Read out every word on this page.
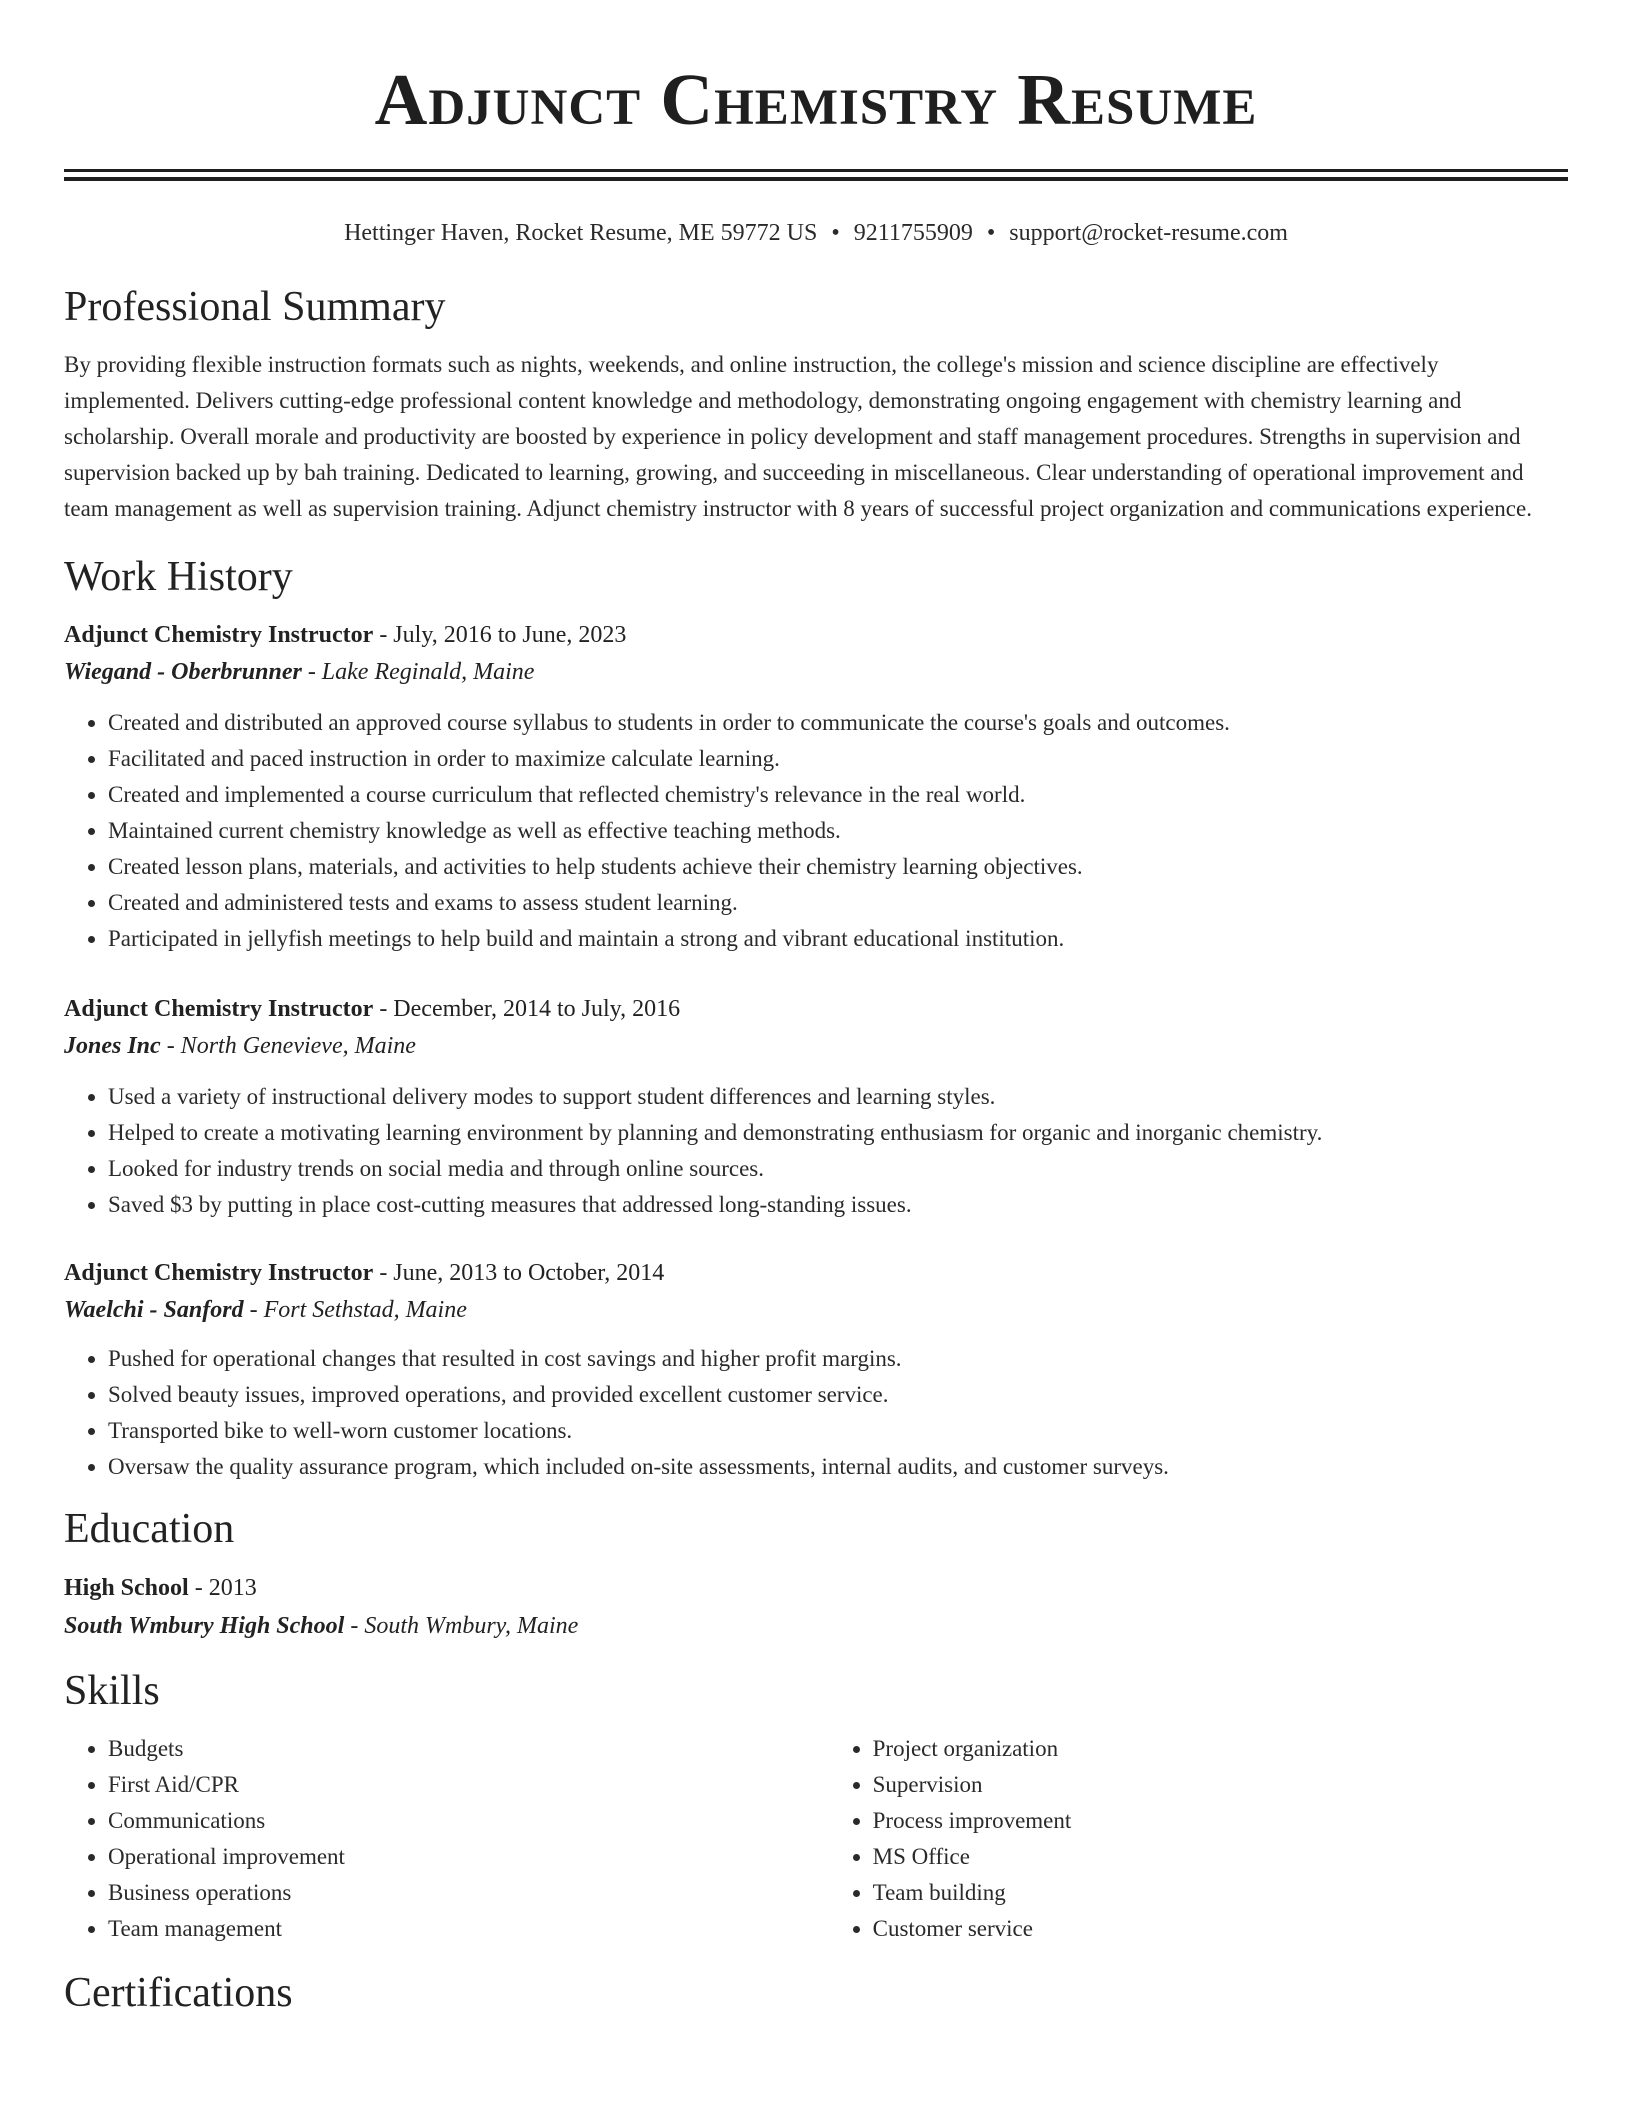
Adjunct Chemistry Resume
Hettinger Haven, Rocket Resume, ME 59772 US • 9211755909 • support@rocket-resume.com
Professional Summary

By providing flexible instruction formats such as nights, weekends, and online instruction, the college's mission and science discipline are effectively implemented. Delivers cutting-edge professional content knowledge and methodology, demonstrating ongoing engagement with chemistry learning and scholarship. Overall morale and productivity are boosted by experience in policy development and staff management procedures. Strengths in supervision and supervision backed up by bah training. Dedicated to learning, growing, and succeeding in miscellaneous. Clear understanding of operational improvement and team management as well as supervision training. Adjunct chemistry instructor with 8 years of successful project organization and communications experience.

Work History
Adjunct Chemistry Instructor - July, 2016 to June, 2023
Wiegand - Oberbrunner - Lake Reginald, Maine
• Created and distributed an approved course syllabus to students in order to communicate the course's goals and outcomes.
• Facilitated and paced instruction in order to maximize calculate learning.
• Created and implemented a course curriculum that reflected chemistry's relevance in the real world.
• Maintained current chemistry knowledge as well as effective teaching methods.
• Created lesson plans, materials, and activities to help students achieve their chemistry learning objectives.
• Created and administered tests and exams to assess student learning.
• Participated in jellyfish meetings to help build and maintain a strong and vibrant educational institution.
Adjunct Chemistry Instructor - December, 2014 to July, 2016
Jones Inc - North Genevieve, Maine
• Used a variety of instructional delivery modes to support student differences and learning styles.
• Helped to create a motivating learning environment by planning and demonstrating enthusiasm for organic and inorganic chemistry.
• Looked for industry trends on social media and through online sources.
• Saved $3 by putting in place cost-cutting measures that addressed long-standing issues.
Adjunct Chemistry Instructor - June, 2013 to October, 2014
Waelchi - Sanford - Fort Sethstad, Maine
• Pushed for operational changes that resulted in cost savings and higher profit margins.
• Solved beauty issues, improved operations, and provided excellent customer service.
• Transported bike to well-worn customer locations.
• Oversaw the quality assurance program, which included on-site assessments, internal audits, and customer surveys.
Education
High School - 2013
South Wmbury High School - South Wmbury, Maine
Skills
• Budgets
• First Aid/CPR
• Communications
• Operational improvement
• Business operations
• Team management
• Project organization
• Supervision
• Process improvement
• MS Office
• Team building
• Customer service
Certifications
